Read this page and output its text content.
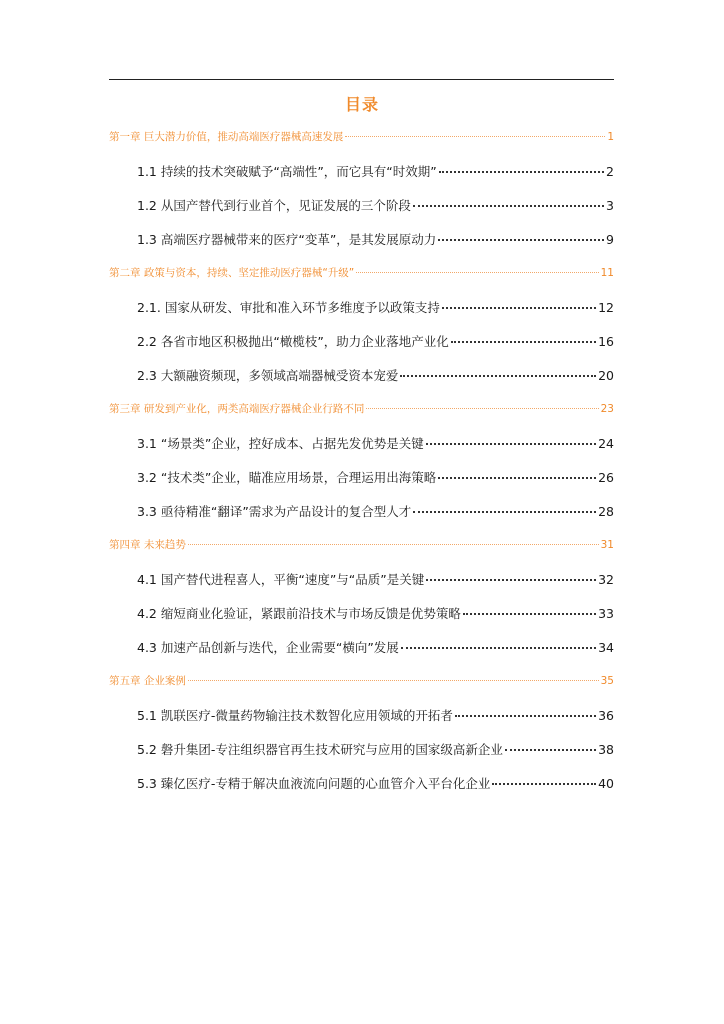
目录
第一章 巨大潜力价值，推动高端医疗器械高速发展	1
1.1 持续的技术突破赋予“高端性”，而它具有“时效期”	2
1.2 从国产替代到行业首个，见证发展的三个阶段	3
1.3 高端医疗器械带来的医疗“变革”，是其发展原动力	9
第二章 政策与资本，持续、坚定推动医疗器械“升级”	11
2.1. 国家从研发、审批和准入环节多维度予以政策支持	12
2.2 各省市地区积极抛出“橄榄枝”，助力企业落地产业化	16
2.3 大额融资频现，多领域高端器械受资本宠爱	20
第三章 研发到产业化，两类高端医疗器械企业行路不同	23
3.1 “场景类”企业，控好成本、占据先发优势是关键	24
3.2 “技术类”企业，瞄准应用场景，合理运用出海策略	26
3.3 亟待精准“翻译”需求为产品设计的复合型人才	28
第四章 未来趋势	31
4.1 国产替代进程喜人，平衡“速度”与“品质”是关键	32
4.2 缩短商业化验证，紧跟前沿技术与市场反馈是优势策略	33
4.3 加速产品创新与迭代，企业需要“横向”发展	34
第五章 企业案例	35
5.1 凯联医疗-微量药物输注技术数智化应用领域的开拓者	36
5.2 磐升集团-专注组织器官再生技术研究与应用的国家级高新企业	38
5.3 臻亿医疗-专精于解决血液流向问题的心血管介入平台化企业	40
